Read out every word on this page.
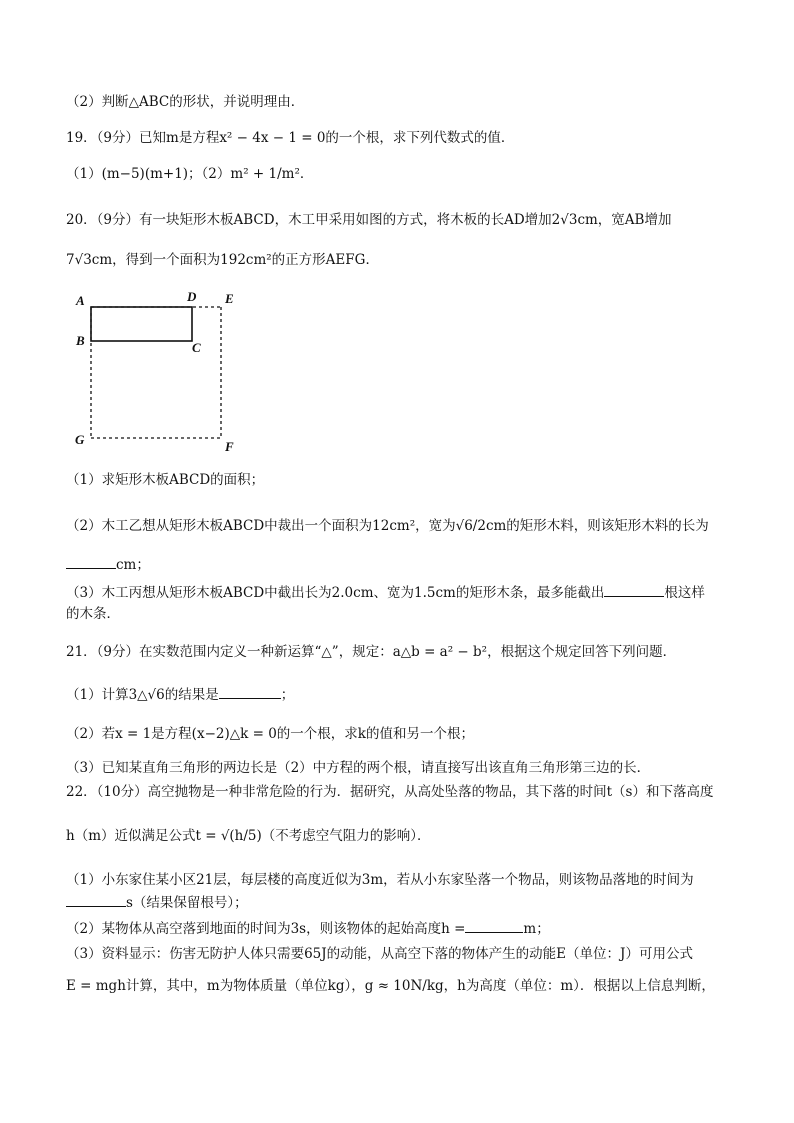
（2）判断△ABC的形状，并说明理由．
19．（9分）已知m是方程x² − 4x − 1 = 0的一个根，求下列代数式的值．
（1）(m−5)(m+1)；（2）m² + 1/m²．
20．（9分）有一块矩形木板ABCD，木工甲采用如图的方式，将木板的长AD增加2√3cm，宽AB增加
7√3cm，得到一个面积为192cm²的正方形AEFG．
A	D E
B	C
G	F
（1）求矩形木板ABCD的面积；
（2）木工乙想从矩形木板ABCD中裁出一个面积为12cm²，宽为√6/2cm的矩形木料，则该矩形木料的长为
cm；
（3）木工丙想从矩形木板ABCD中截出长为2.0cm、宽为1.5cm的矩形木条，最多能截出	根这样
的木条．
21．（9分）在实数范围内定义一种新运算“△”，规定：a△b = a² − b²，根据这个规定回答下列问题．
（1）计算3△√6的结果是	；
（2）若x = 1是方程(x−2)△k = 0的一个根，求k的值和另一个根；
（3）已知某直角三角形的两边长是（2）中方程的两个根，请直接写出该直角三角形第三边的长．
22．（10分）高空抛物是一种非常危险的行为．据研究，从高处坠落的物品，其下落的时间t（s）和下落高度
h（m）近似满足公式t = √(h/5)（不考虑空气阻力的影响）．
（1）小东家住某小区21层，每层楼的高度近似为3m，若从小东家坠落一个物品，则该物品落地的时间为
s（结果保留根号）；
（2）某物体从高空落到地面的时间为3s，则该物体的起始高度h =	m；
（3）资料显示：伤害无防护人体只需要65J的动能，从高空下落的物体产生的动能E（单位：J）可用公式
E = mgh计算，其中，m为物体质量（单位kg），g ≈ 10N/kg，h为高度（单位：m）．根据以上信息判断，
